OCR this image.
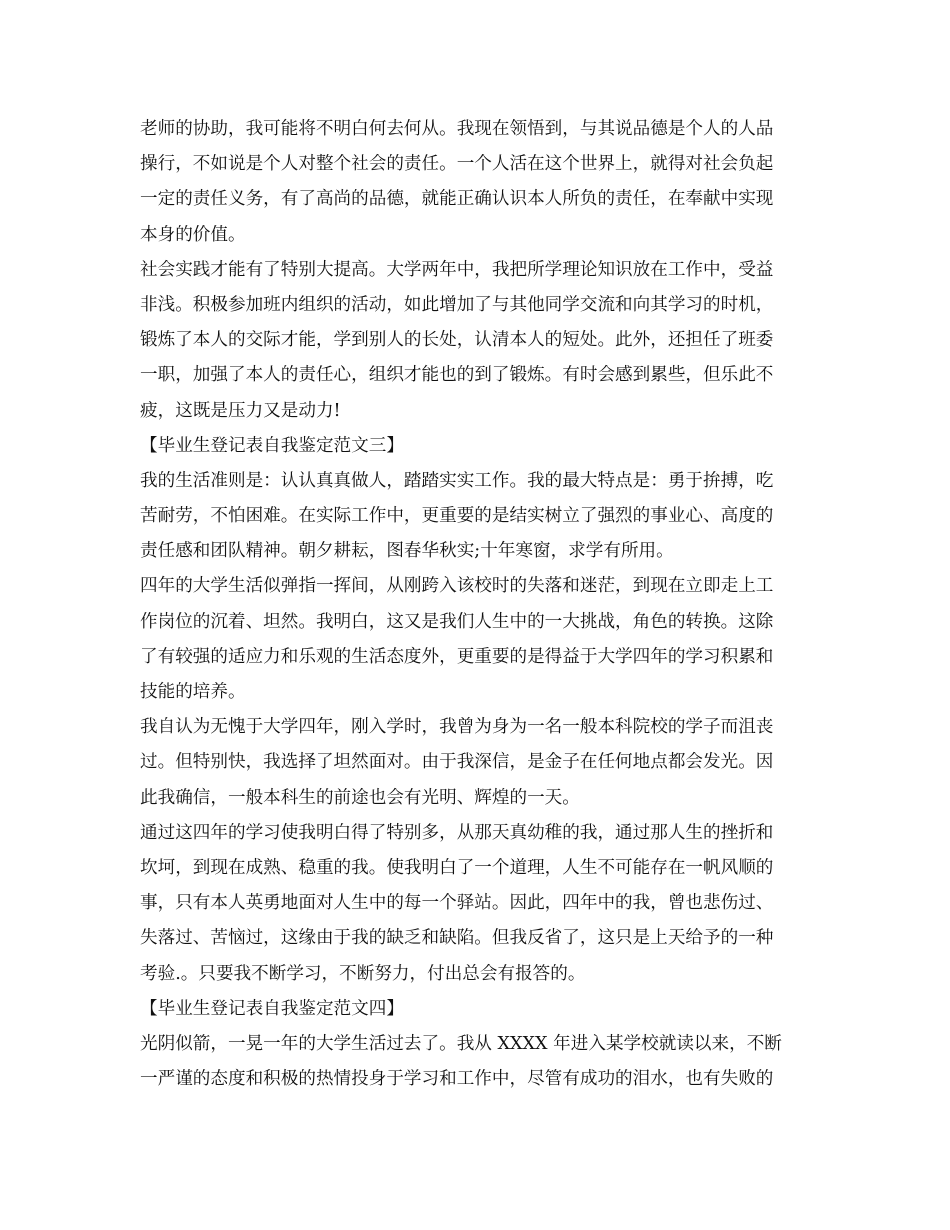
老师的协助，我可能将不明白何去何从。我现在领悟到，与其说品德是个人的人品
操行，不如说是个人对整个社会的责任。一个人活在这个世界上，就得对社会负起
一定的责任义务，有了高尚的品德，就能正确认识本人所负的责任，在奉献中实现
本身的价值。
社会实践才能有了特别大提高。大学两年中，我把所学理论知识放在工作中，受益
非浅。积极参加班内组织的活动，如此增加了与其他同学交流和向其学习的时机，
锻炼了本人的交际才能，学到别人的长处，认清本人的短处。此外，还担任了班委
一职，加强了本人的责任心，组织才能也的到了锻炼。有时会感到累些，但乐此不
疲，这既是压力又是动力!
【毕业生登记表自我鉴定范文三】
我的生活准则是：认认真真做人，踏踏实实工作。我的最大特点是：勇于拚搏，吃
苦耐劳，不怕困难。在实际工作中，更重要的是结实树立了强烈的事业心、高度的
责任感和团队精神。朝夕耕耘，图春华秋实;十年寒窗，求学有所用。
四年的大学生活似弹指一挥间，从刚跨入该校时的失落和迷茫，到现在立即走上工
作岗位的沉着、坦然。我明白，这又是我们人生中的一大挑战，角色的转换。这除
了有较强的适应力和乐观的生活态度外，更重要的是得益于大学四年的学习积累和
技能的培养。
我自认为无愧于大学四年，刚入学时，我曾为身为一名一般本科院校的学子而沮丧
过。但特别快，我选择了坦然面对。由于我深信，是金子在任何地点都会发光。因
此我确信，一般本科生的前途也会有光明、辉煌的一天。
通过这四年的学习使我明白得了特别多，从那天真幼稚的我，通过那人生的挫折和
坎坷，到现在成熟、稳重的我。使我明白了一个道理，人生不可能存在一帆风顺的
事，只有本人英勇地面对人生中的每一个驿站。因此，四年中的我，曾也悲伤过、
失落过、苦恼过，这缘由于我的缺乏和缺陷。但我反省了，这只是上天给予的一种
考验.。只要我不断学习，不断努力，付出总会有报答的。
【毕业生登记表自我鉴定范文四】
光阴似箭，一晃一年的大学生活过去了。我从 XXXX 年进入某学校就读以来，不断
一严谨的态度和积极的热情投身于学习和工作中，尽管有成功的泪水，也有失败的
